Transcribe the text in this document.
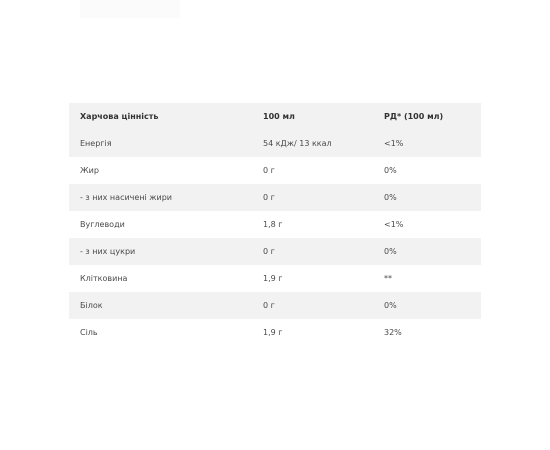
Харчова цінність	100 мл	РД* (100 мл)
Енергія	54 кДж/ 13 ккал	<1%
Жир	0 г	0%
- з них насичені жири	0 г	0%
Вуглеводи	1,8 г	<1%
- з них цукри	0 г	0%
Клітковина	1,9 г	**
Білок	0 г	0%
Сіль	1,9 г	32%
